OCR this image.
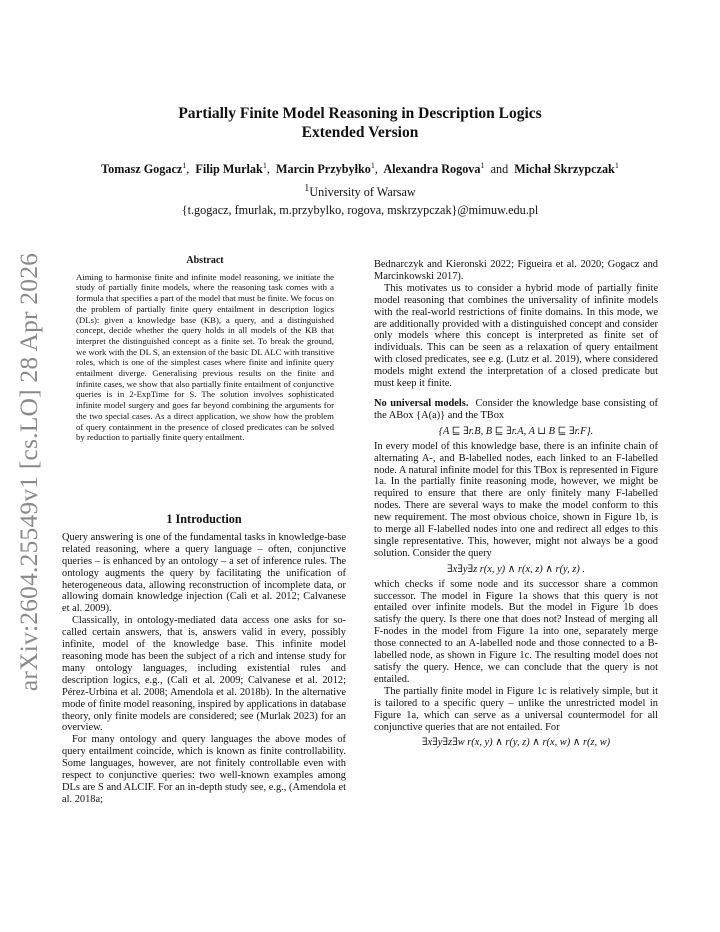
arXiv:2604.25549v1 [cs.LO] 28 Apr 2026
Partially Finite Model Reasoning in Description Logics
Extended Version
Tomasz Gogacz$^1$, Filip Murlak$^1$, Marcin Przybyłko$^1$, Alexandra Rogova$^1$ and Michał Skrzypczak$^1$
$^1$University of Warsaw
{t.gogacz, fmurlak, m.przybylko, rogova, mskrzypczak}@mimuw.edu.pl
Abstract

Aiming to harmonise finite and infinite model reasoning, we initiate the study of partially finite models, where the reasoning task comes with a formula that specifies a part of the model that must be finite. We focus on the problem of partially finite query entailment in description logics (DLs): given a knowledge base (KB), a query, and a distinguished concept, decide whether the query holds in all models of the KB that interpret the distinguished concept as a finite set. To break the ground, we work with the DL S, an extension of the basic DL ALC with transitive roles, which is one of the simplest cases where finite and infinite query entailment diverge. Generalising previous results on the finite and infinite cases, we show that also partially finite entailment of conjunctive queries is in 2-ExpTime for S. The solution involves sophisticated infinite model surgery and goes far beyond combining the arguments for the two special cases. As a direct application, we show how the problem of query containment in the presence of closed predicates can be solved by reduction to partially finite query entailment.

1 Introduction

Query answering is one of the fundamental tasks in knowledge-base related reasoning, where a query language – often, conjunctive queries – is enhanced by an ontology – a set of inference rules. The ontology augments the query by facilitating the unification of heterogeneous data, allowing reconstruction of incomplete data, or allowing domain knowledge injection (Calì et al. 2012; Calvanese et al. 2009).

Classically, in ontology-mediated data access one asks for so-called certain answers, that is, answers valid in every, possibly infinite, model of the knowledge base. This infinite model reasoning mode has been the subject of a rich and intense study for many ontology languages, including existential rules and description logics, e.g., (Calì et al. 2009; Calvanese et al. 2012; Pérez-Urbina et al. 2008; Amendola et al. 2018b). In the alternative mode of finite model reasoning, inspired by applications in database theory, only finite models are considered; see (Murlak 2023) for an overview.

For many ontology and query languages the above modes of query entailment coincide, which is known as finite controllability. Some languages, however, are not finitely controllable even with respect to conjunctive queries: two well-known examples among DLs are S and ALCIF. For an in-depth study see, e.g., (Amendola et al. 2018a;

Bednarczyk and Kieronski 2022; Figueira et al. 2020; Gogacz and Marcinkowski 2017).

This motivates us to consider a hybrid mode of partially finite model reasoning that combines the universality of infinite models with the real-world restrictions of finite domains. In this mode, we are additionally provided with a distinguished concept and consider only models where this concept is interpreted as finite set of individuals. This can be seen as a relaxation of query entailment with closed predicates, see e.g. (Lutz et al. 2019), where considered models might extend the interpretation of a closed predicate but must keep it finite.

No universal models. Consider the knowledge base consisting of the ABox {A(a)} and the TBox

{A ⊑ ∃r.B, B ⊑ ∃r.A, A ⊔ B ⊑ ∃r.F}.

In every model of this knowledge base, there is an infinite chain of alternating A-, and B-labelled nodes, each linked to an F-labelled node. A natural infinite model for this TBox is represented in Figure 1a. In the partially finite reasoning mode, however, we might be required to ensure that there are only finitely many F-labelled nodes. There are several ways to make the model conform to this new requirement. The most obvious choice, shown in Figure 1b, is to merge all F-labelled nodes into one and redirect all edges to this single representative. This, however, might not always be a good solution. Consider the query

∃x∃y∃z r(x, y) ∧ r(x, z) ∧ r(y, z) .

which checks if some node and its successor share a common successor. The model in Figure 1a shows that this query is not entailed over infinite models. But the model in Figure 1b does satisfy the query. Is there one that does not? Instead of merging all F-nodes in the model from Figure 1a into one, separately merge those connected to an A-labelled node and those connected to a B-labelled node, as shown in Figure 1c. The resulting model does not satisfy the query. Hence, we can conclude that the query is not entailed.

The partially finite model in Figure 1c is relatively simple, but it is tailored to a specific query – unlike the unrestricted model in Figure 1a, which can serve as a universal countermodel for all conjunctive queries that are not entailed. For

∃x∃y∃z∃w r(x, y) ∧ r(y, z) ∧ r(x, w) ∧ r(z, w)
